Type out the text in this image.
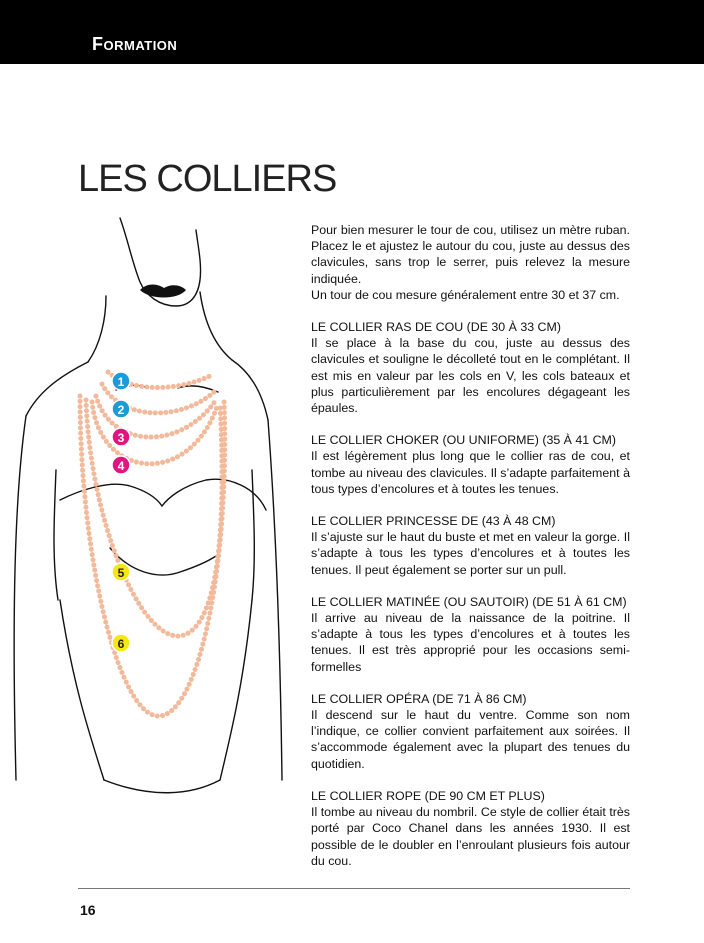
Formation
LES COLLIERS
1
2
3
4
5
6

Pour bien mesurer le tour de cou, utilisez un mètre ruban. Placez le et ajustez le autour du cou, juste au dessus des clavicules, sans trop le serrer, puis relevez la mesure indiquée.

Un tour de cou mesure généralement entre 30 et 37 cm.

LE COLLIER RAS DE COU (DE 30 À 33 CM)

Il se place à la base du cou, juste au dessus des clavicules et souligne le décolleté tout en le complétant. Il est mis en valeur par les cols en V, les cols bateaux et plus particulièrement par les encolures dégageant les épaules.

LE COLLIER CHOKER (OU UNIFORME) (35 À 41 CM)

Il est légèrement plus long que le collier ras de cou, et tombe au niveau des clavicules. Il s’adapte parfaitement à tous types d’encolures et à toutes les tenues.

LE COLLIER PRINCESSE DE (43 À 48 CM)

Il s’ajuste sur le haut du buste et met en valeur la gorge. Il s’adapte à tous les types d’encolures et à toutes les tenues. Il peut également se porter sur un pull.

LE COLLIER MATINÉE (OU SAUTOIR) (DE 51 À 61 CM)

Il arrive au niveau de la naissance de la poitrine. Il s’adapte à tous les types d’encolures et à toutes les tenues. Il est très approprié pour les occasions semi-formelles

LE COLLIER OPÉRA (DE 71 À 86 CM)

Il descend sur le haut du ventre. Comme son nom l’indique, ce collier convient parfaitement aux soirées. Il s’accommode également avec la plupart des tenues du quotidien.

LE COLLIER ROPE (DE 90 CM ET PLUS)

Il tombe au niveau du nombril. Ce style de collier était très porté par Coco Chanel dans les années 1930. Il est possible de le doubler en l’enroulant plusieurs fois autour du cou.

16
